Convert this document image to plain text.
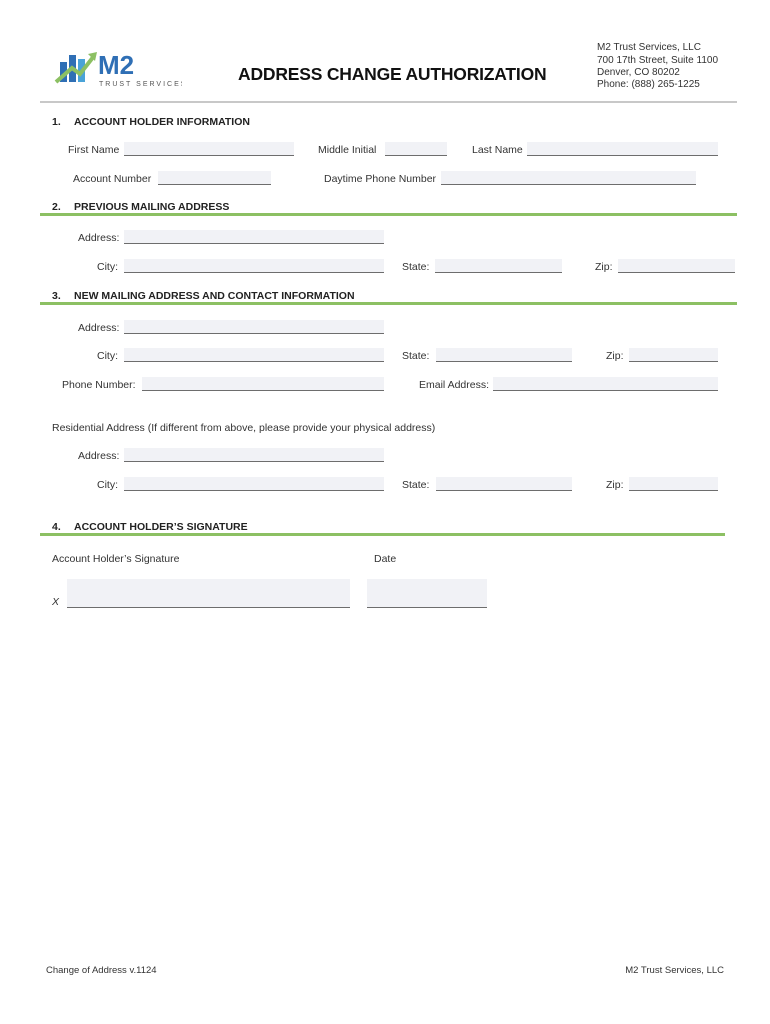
M2
TRUST SERVICES
ADDRESS CHANGE AUTHORIZATION
M2 Trust Services, LLC
700 17th Street, Suite 1100
Denver, CO 80202
Phone: (888) 265-1225
1. ACCOUNT HOLDER INFORMATION
First Name	Middle Initial	Last Name
Account Number	Daytime Phone Number
2. PREVIOUS MAILING ADDRESS
Address:
City:	State:	Zip:
3. NEW MAILING ADDRESS AND CONTACT INFORMATION
Address:
City:	State:	Zip:
Phone Number:	Email Address:
Residential Address (If different from above, please provide your physical address)
Address:
City:	State:	Zip:
4. ACCOUNT HOLDER’S SIGNATURE
Account Holder’s Signature	Date
X
Change of Address v.1124	M2 Trust Services, LLC
